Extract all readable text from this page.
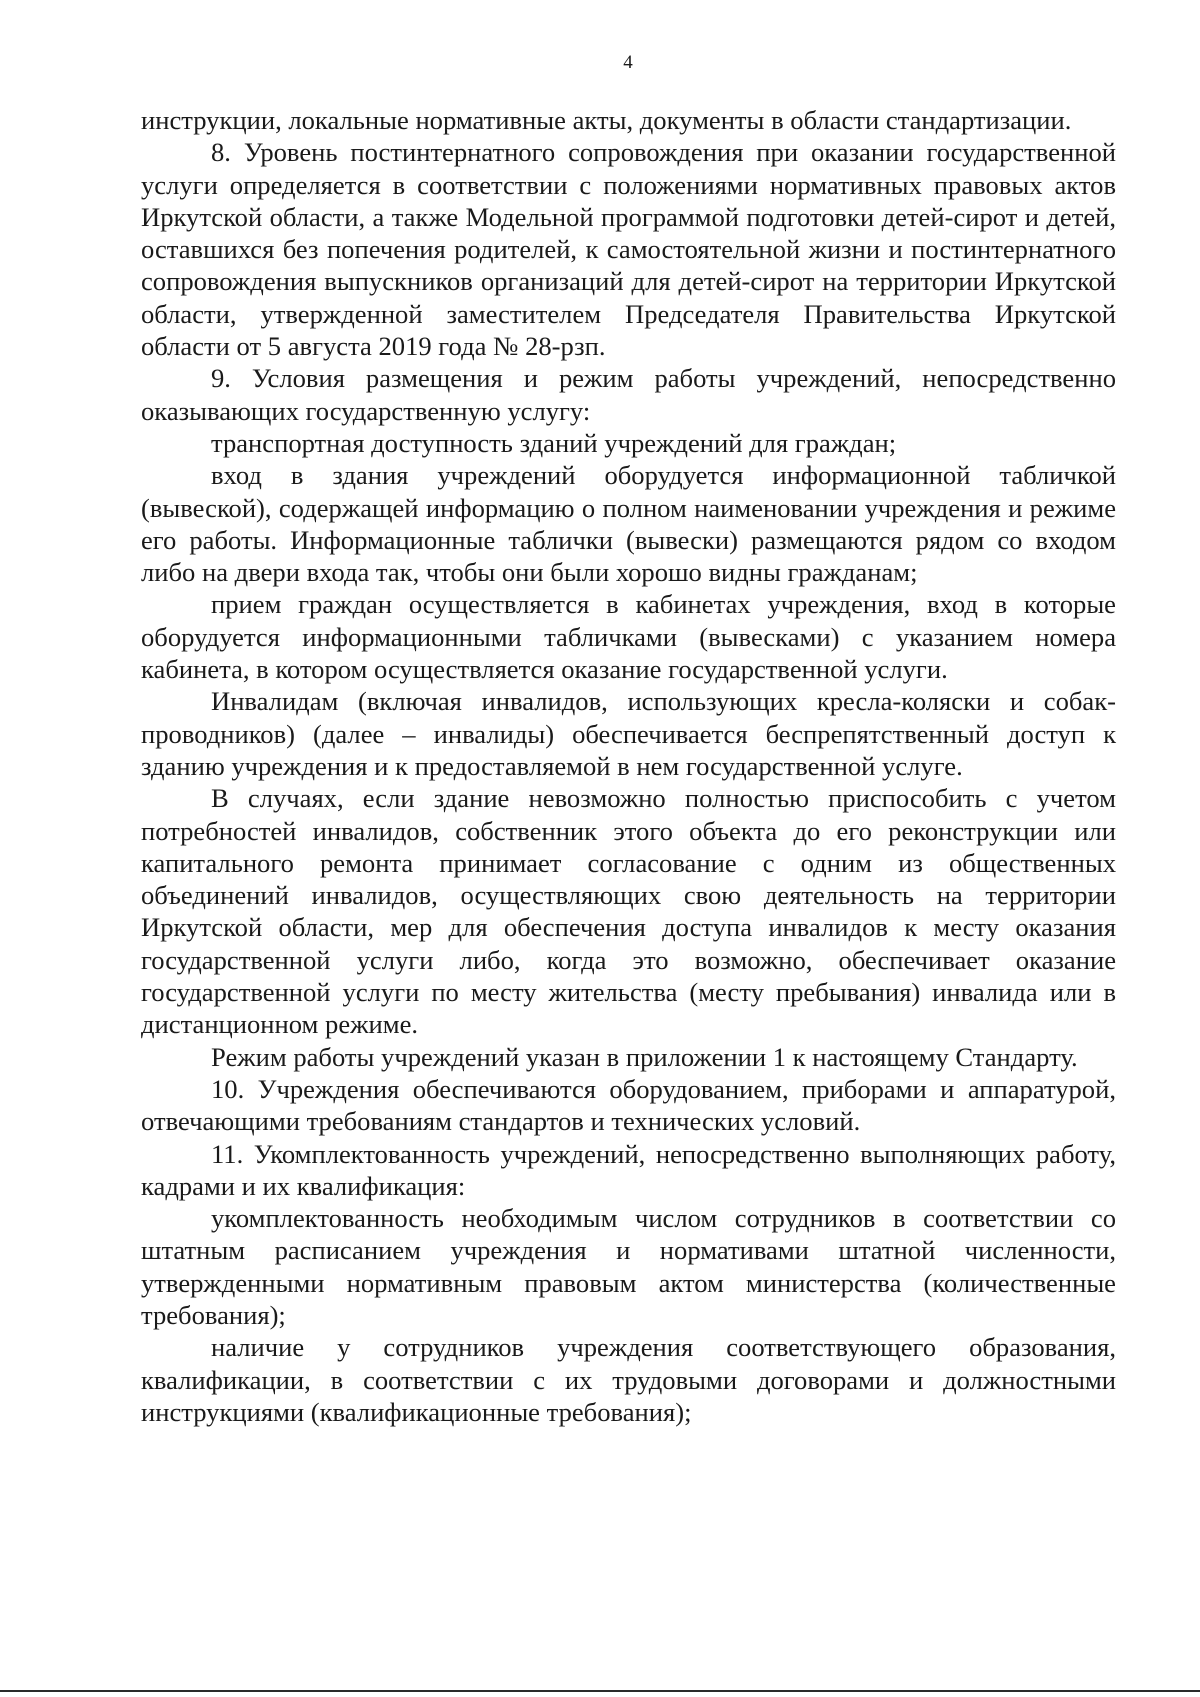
4

инструкции, локальные нормативные акты, документы в области стандартизации.

8. Уровень постинтернатного сопровождения при оказании государственной услуги определяется в соответствии с положениями нормативных правовых актов Иркутской области, а также Модельной программой подготовки детей-сирот и детей, оставшихся без попечения родителей, к самостоятельной жизни и постинтернатного сопровождения выпускников организаций для детей-сирот на территории Иркутской области, утвержденной заместителем Председателя Правительства Иркутской области от 5 августа 2019 года № 28-рзп.

9. Условия размещения и режим работы учреждений, непосредственно оказывающих государственную услугу:

транспортная доступность зданий учреждений для граждан;

вход в здания учреждений оборудуется информационной табличкой (вывеской), содержащей информацию о полном наименовании учреждения и режиме его работы. Информационные таблички (вывески) размещаются рядом со входом либо на двери входа так, чтобы они были хорошо видны гражданам;

прием граждан осуществляется в кабинетах учреждения, вход в которые оборудуется информационными табличками (вывесками) с указанием номера кабинета, в котором осуществляется оказание государственной услуги.

Инвалидам (включая инвалидов, использующих кресла-коляски и собак-проводников) (далее – инвалиды) обеспечивается беспрепятственный доступ к зданию учреждения и к предоставляемой в нем государственной услуге.

В случаях, если здание невозможно полностью приспособить с учетом потребностей инвалидов, собственник этого объекта до его реконструкции или капитального ремонта принимает согласование с одним из общественных объединений инвалидов, осуществляющих свою деятельность на территории Иркутской области, мер для обеспечения доступа инвалидов к месту оказания государственной услуги либо, когда это возможно, обеспечивает оказание государственной услуги по месту жительства (месту пребывания) инвалида или в дистанционном режиме.

Режим работы учреждений указан в приложении 1 к настоящему Стандарту.

10. Учреждения обеспечиваются оборудованием, приборами и аппаратурой, отвечающими требованиям стандартов и технических условий.

11. Укомплектованность учреждений, непосредственно выполняющих работу, кадрами и их квалификация:

укомплектованность необходимым числом сотрудников в соответствии со штатным расписанием учреждения и нормативами штатной численности, утвержденными нормативным правовым актом министерства (количественные требования);

наличие у сотрудников учреждения соответствующего образования, квалификации, в соответствии с их трудовыми договорами и должностными инструкциями (квалификационные требования);
